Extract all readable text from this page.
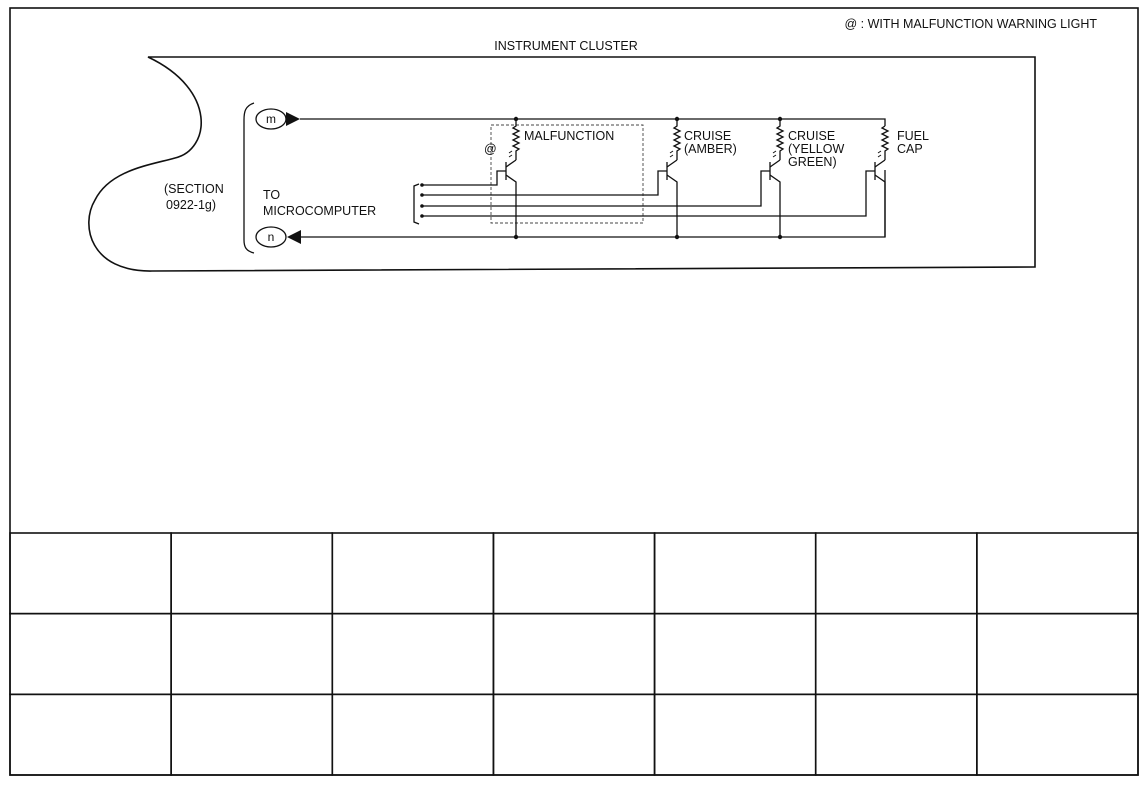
@ : WITH MALFUNCTION WARNING LIGHT
INSTRUMENT CLUSTER
(SECTION
0922-1g)
m
n
TO
MICROCOMPUTER
@
MALFUNCTION	CRUISE
(AMBER)
CRUISE
(YELLOW
GREEN)
FUEL
CAP
